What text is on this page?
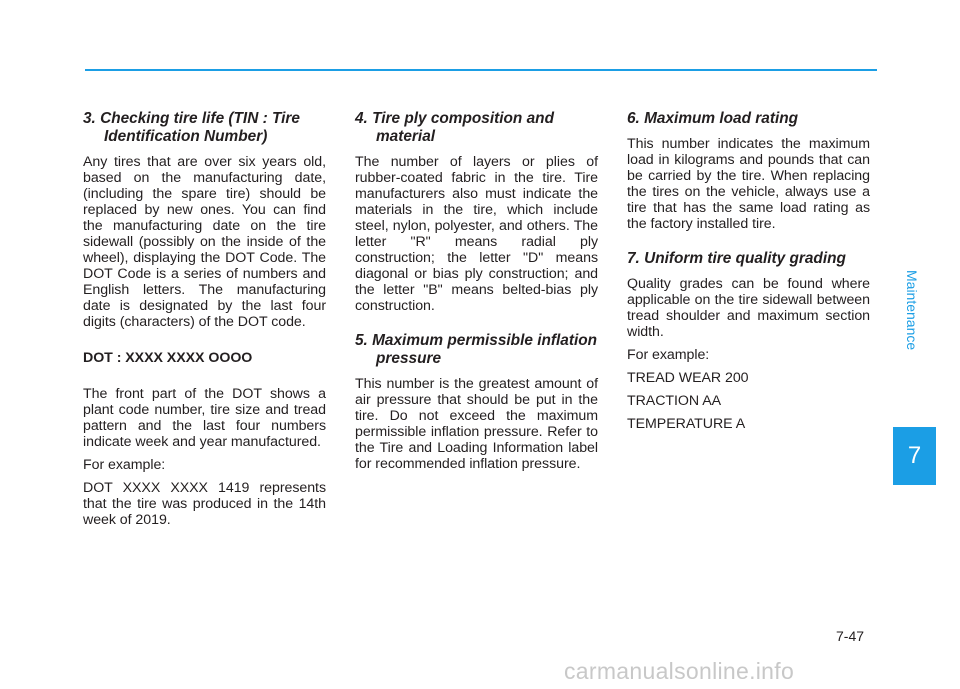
3. Checking tire life (TIN : Tire Identification Number)
Any tires that are over six years old, based on the manufacturing date, (including the spare tire) should be replaced by new ones. You can find the manufacturing date on the tire sidewall (possibly on the inside of the wheel), displaying the DOT Code. The DOT Code is a series of numbers and English letters. The manufacturing date is designated by the last four digits (characters) of the DOT code.
DOT : XXXX XXXX OOOO
The front part of the DOT shows a plant code number, tire size and tread pattern and the last four numbers indicate week and year manufactured.
For example:
DOT XXXX XXXX 1419 represents that the tire was produced in the 14th week of 2019.
4. Tire ply composition and material
The number of layers or plies of rubber-coated fabric in the tire. Tire manufacturers also must indicate the materials in the tire, which include steel, nylon, polyester, and others. The letter "R" means radial ply construction; the letter "D" means diagonal or bias ply construction; and the letter "B" means belted-bias ply construction.
5. Maximum permissible inflation pressure
This number is the greatest amount of air pressure that should be put in the tire. Do not exceed the maximum permissible inflation pressure. Refer to the Tire and Loading Information label for recommended inflation pressure.
6. Maximum load rating
This number indicates the maximum load in kilograms and pounds that can be carried by the tire. When replacing the tires on the vehicle, always use a tire that has the same load rating as the factory installed tire.
7. Uniform tire quality grading
Quality grades can be found where applicable on the tire sidewall between tread shoulder and maximum section width.
For example:
TREAD WEAR 200
TRACTION AA
TEMPERATURE A
Maintenance
7
7-47
carmanualsonline.info
